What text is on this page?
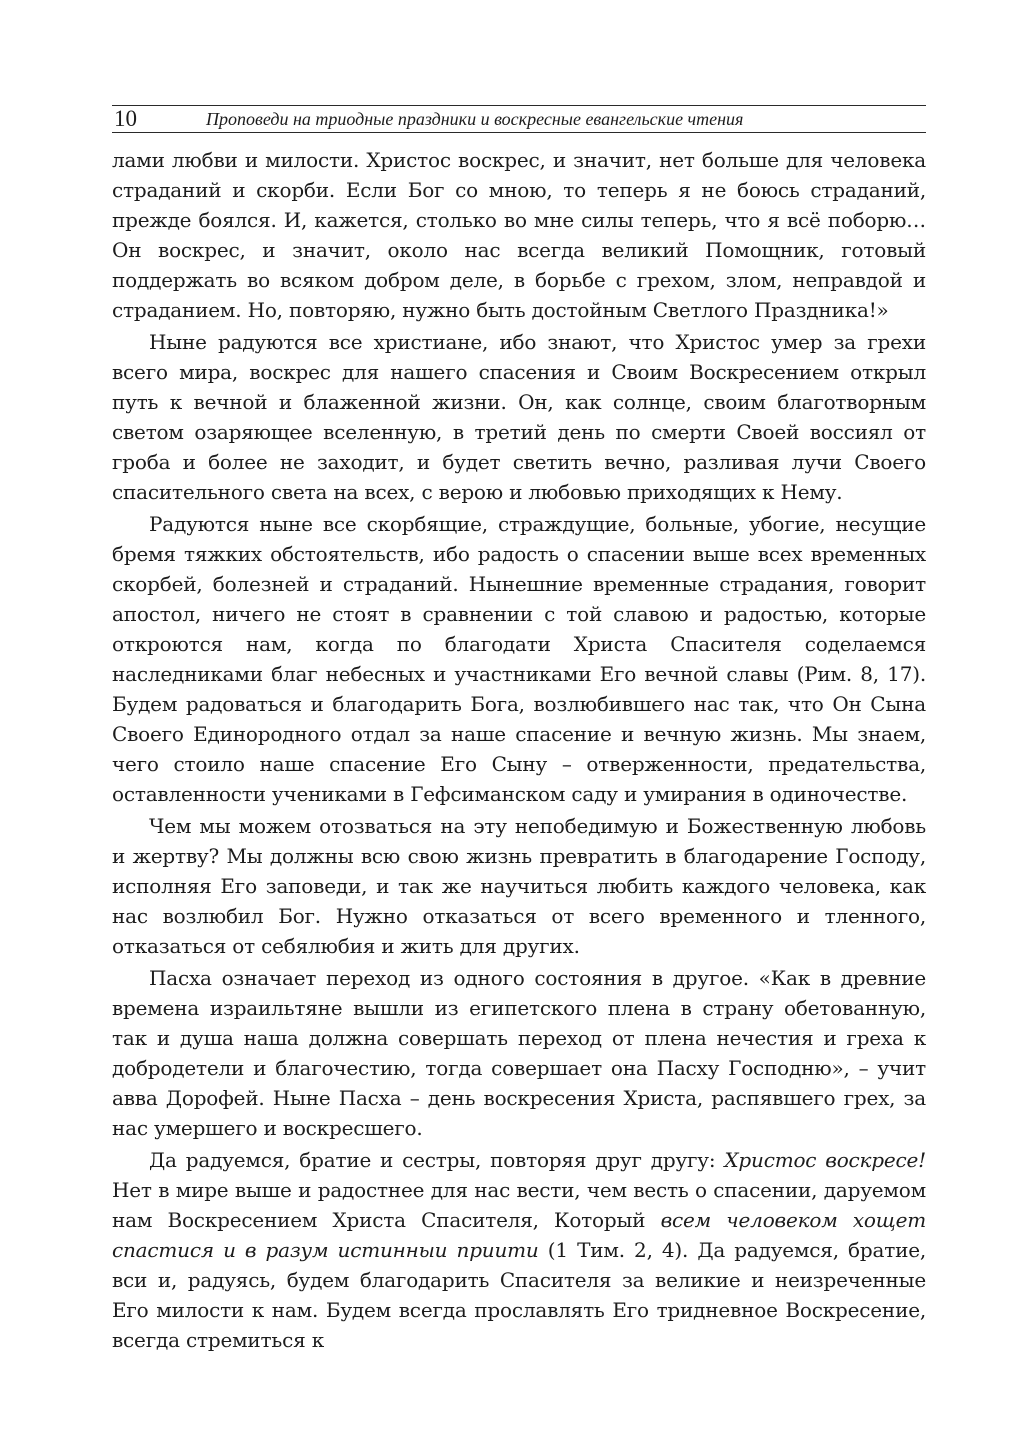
10	Проповеди на триодные праздники и воскресные евангельские чтения

лами любви и милости. Христос воскрес, и значит, нет больше для человека страданий и скорби. Если Бог со мною, то теперь я не боюсь страданий, прежде боялся. И, кажется, столько во мне силы теперь, что я всё поборю… Он воскрес, и значит, около нас всегда великий Помощник, готовый поддержать во всяком добром деле, в борьбе с грехом, злом, неправдой и страданием. Но, повторяю, нужно быть достойным Светлого Праздника!»

Ныне радуются все христиане, ибо знают, что Христос умер за грехи всего мира, воскрес для нашего спасения и Своим Воскресением открыл путь к вечной и блаженной жизни. Он, как солнце, своим благотворным светом озаряющее вселенную, в третий день по смерти Своей воссиял от гроба и более не заходит, и будет светить вечно, разливая лучи Своего спасительного света на всех, с верою и любовью приходящих к Нему.

Радуются ныне все скорбящие, страждущие, больные, убогие, несущие бремя тяжких обстоятельств, ибо радость о спасении выше всех временных скорбей, болезней и страданий. Нынешние временные страдания, говорит апостол, ничего не стоят в сравнении с той славою и радостью, которые откроются нам, когда по благодати Христа Спасителя соделаемся наследниками благ небесных и участниками Его вечной славы (Рим. 8, 17). Будем радоваться и благодарить Бога, возлюбившего нас так, что Он Сына Своего Единородного отдал за наше спасение и вечную жизнь. Мы знаем, чего стоило наше спасение Его Сыну – отверженности, предательства, оставленности учениками в Гефсиманском саду и умирания в одиночестве.

Чем мы можем отозваться на эту непобедимую и Божественную любовь и жертву? Мы должны всю свою жизнь превратить в благодарение Господу, исполняя Его заповеди, и так же научиться любить каждого человека, как нас возлюбил Бог. Нужно отказаться от всего временного и тленного, отказаться от себялюбия и жить для других.

Пасха означает переход из одного состояния в другое. «Как в древние времена израильтяне вышли из египетского плена в страну обетованную, так и душа наша должна совершать переход от плена нечестия и греха к добродетели и благочестию, тогда совершает она Пасху Господню», – учит авва Дорофей. Ныне Пасха – день воскресения Христа, распявшего грех, за нас умершего и воскресшего.

Да радуемся, братие и сестры, повторяя друг другу: Христос воскресе! Нет в мире выше и радостнее для нас вести, чем весть о спасении, даруемом нам Воскресением Христа Спасителя, Который всем человеком хощет спастися и в разум истинныи приити (1 Тим. 2, 4). Да радуемся, братие, вси и, радуясь, будем благодарить Спасителя за великие и неизреченные Его милости к нам. Будем всегда прославлять Его тридневное Воскресение, всегда стремиться к
